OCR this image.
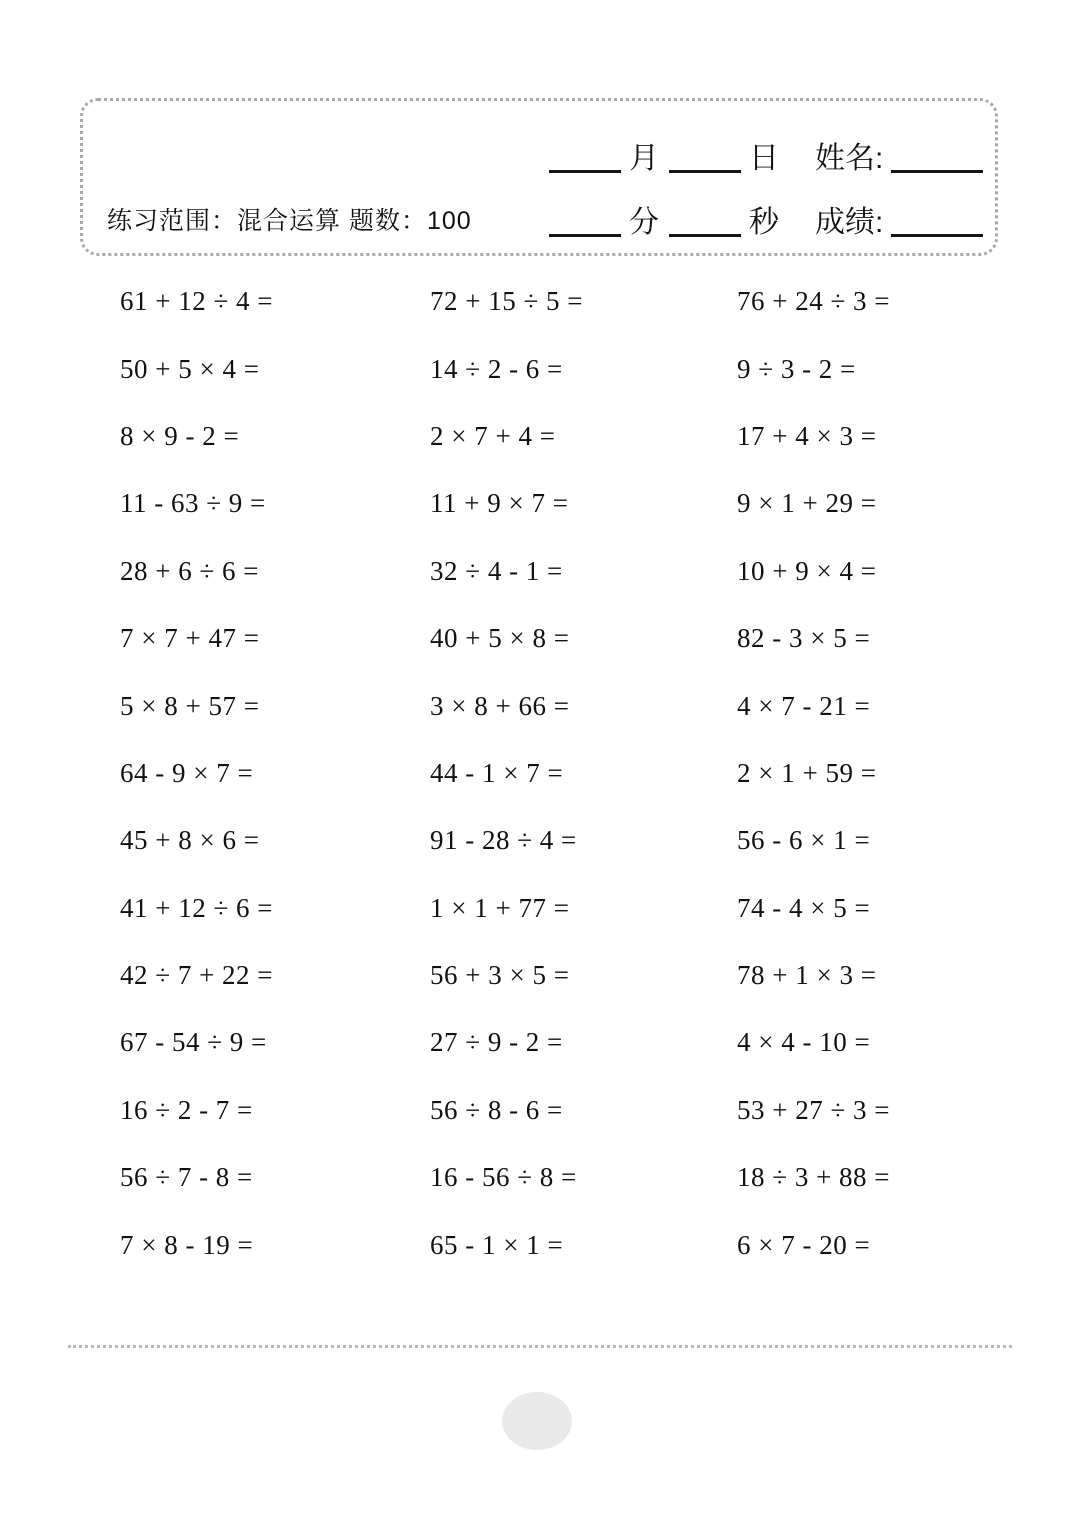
练习范围：混合运算 题数：100
月	日 姓名:
分	秒 成绩:
61 + 12 ÷ 4 =	72 + 15 ÷ 5 =	76 + 24 ÷ 3 =
50 + 5 × 4 =	14 ÷ 2 - 6 =	9 ÷ 3 - 2 =
8 × 9 - 2 =	2 × 7 + 4 =	17 + 4 × 3 =
11 - 63 ÷ 9 =	11 + 9 × 7 =	9 × 1 + 29 =
28 + 6 ÷ 6 =	32 ÷ 4 - 1 =	10 + 9 × 4 =
7 × 7 + 47 =	40 + 5 × 8 =	82 - 3 × 5 =
5 × 8 + 57 =	3 × 8 + 66 =	4 × 7 - 21 =
64 - 9 × 7 =	44 - 1 × 7 =	2 × 1 + 59 =
45 + 8 × 6 =	91 - 28 ÷ 4 =	56 - 6 × 1 =
41 + 12 ÷ 6 =	1 × 1 + 77 =	74 - 4 × 5 =
42 ÷ 7 + 22 =	56 + 3 × 5 =	78 + 1 × 3 =
67 - 54 ÷ 9 =	27 ÷ 9 - 2 =	4 × 4 - 10 =
16 ÷ 2 - 7 =	56 ÷ 8 - 6 =	53 + 27 ÷ 3 =
56 ÷ 7 - 8 =	16 - 56 ÷ 8 =	18 ÷ 3 + 88 =
7 × 8 - 19 =	65 - 1 × 1 =	6 × 7 - 20 =
